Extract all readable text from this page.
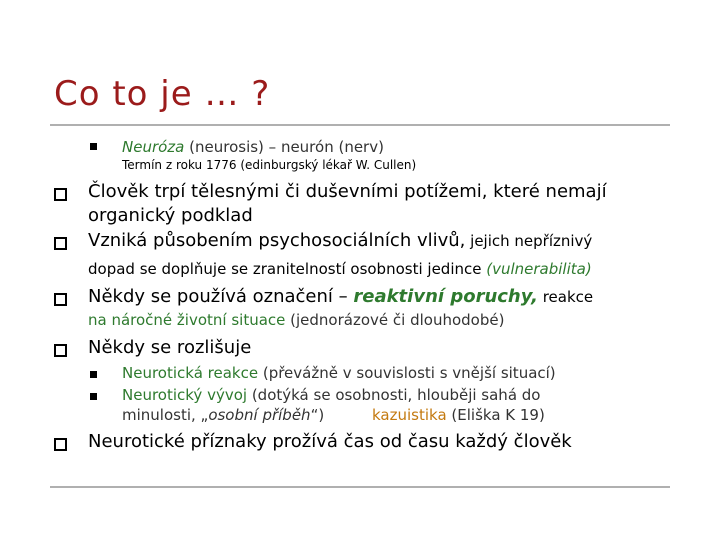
Co to je … ?
Neuróza (neurosis) – neurón (nerv)
Termín z roku 1776 (edinburgský lékař W. Cullen)
Člověk trpí tělesnými či duševními potížemi, které nemají
organický podklad
Vzniká působením psychosociálních vlivů, jejich nepříznivý
dopad se doplňuje se zranitelností osobnosti jedince (vulnerabilita)
Někdy se používá označení – reaktivní poruchy, reakce
na náročné životní situace (jednorázové či dlouhodobé)
Někdy se rozlišuje
Neurotická reakce (převážně v souvislosti s vnější situací)
Neurotický vývoj (dotýká se osobnosti, hlouběji sahá do
minulosti, „osobní příběh“)	kazuistika (Eliška K 19)
Neurotické příznaky prožívá čas od času každý člověk
